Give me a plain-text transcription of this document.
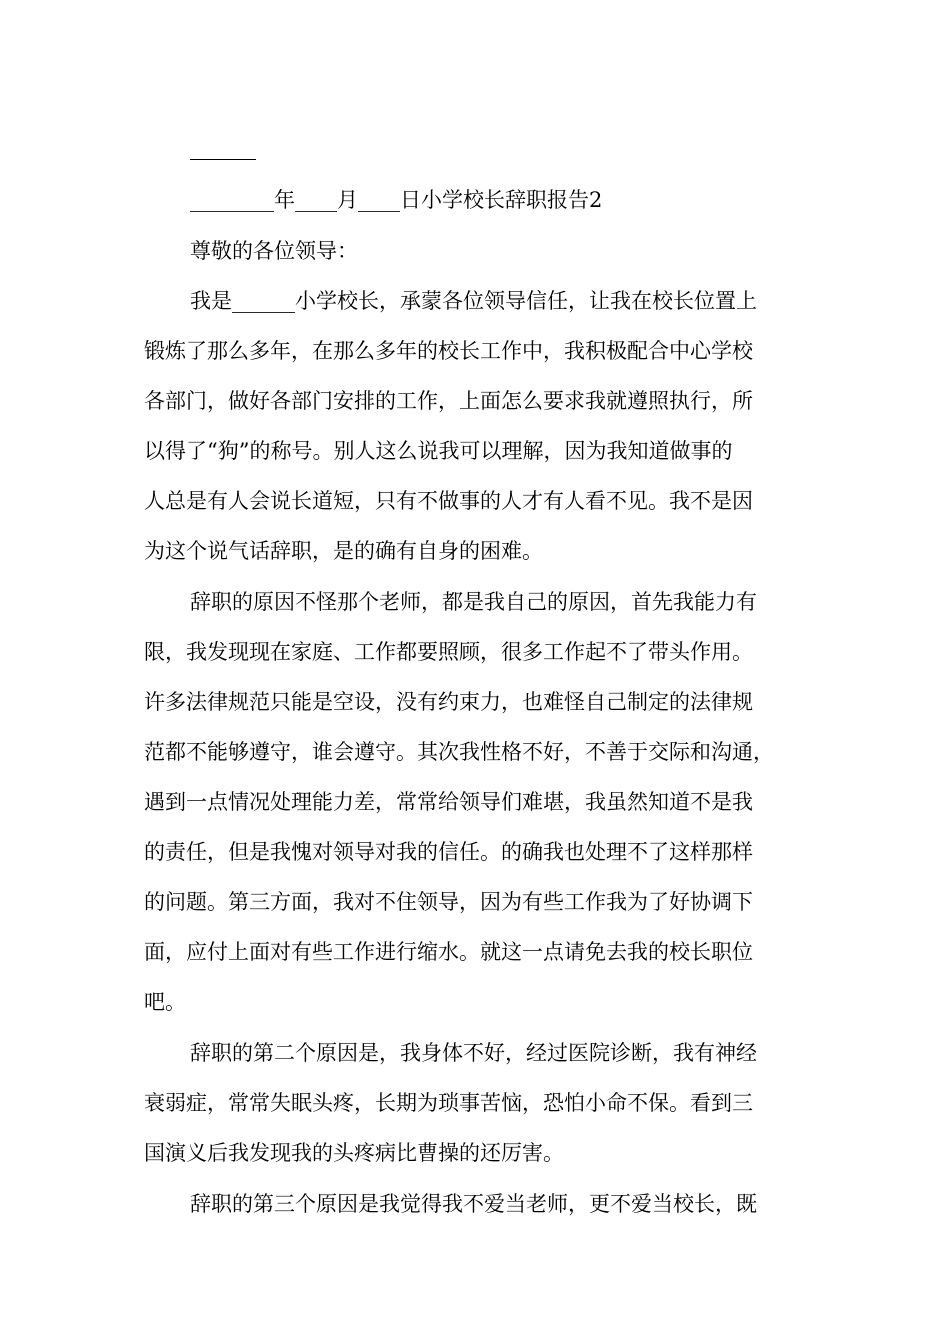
________年____月____日小学校长辞职报告2
尊敬的各位领导：
我是______小学校长，承蒙各位领导信任，让我在校长位置上
锻炼了那么多年，在那么多年的校长工作中，我积极配合中心学校
各部门，做好各部门安排的工作，上面怎么要求我就遵照执行，所
以得了“狗”的称号。别人这么说我可以理解，因为我知道做事的
人总是有人会说长道短，只有不做事的人才有人看不见。我不是因
为这个说气话辞职，是的确有自身的困难。
辞职的原因不怪那个老师，都是我自己的原因，首先我能力有
限，我发现现在家庭、工作都要照顾，很多工作起不了带头作用。
许多法律规范只能是空设，没有约束力，也难怪自己制定的法律规
范都不能够遵守，谁会遵守。其次我性格不好，不善于交际和沟通，
遇到一点情况处理能力差，常常给领导们难堪，我虽然知道不是我
的责任，但是我愧对领导对我的信任。的确我也处理不了这样那样
的问题。第三方面，我对不住领导，因为有些工作我为了好协调下
面，应付上面对有些工作进行缩水。就这一点请免去我的校长职位
吧。
辞职的第二个原因是，我身体不好，经过医院诊断，我有神经
衰弱症，常常失眠头疼，长期为琐事苦恼，恐怕小命不保。看到三
国演义后我发现我的头疼病比曹操的还厉害。
辞职的第三个原因是我觉得我不爱当老师，更不爱当校长，既
